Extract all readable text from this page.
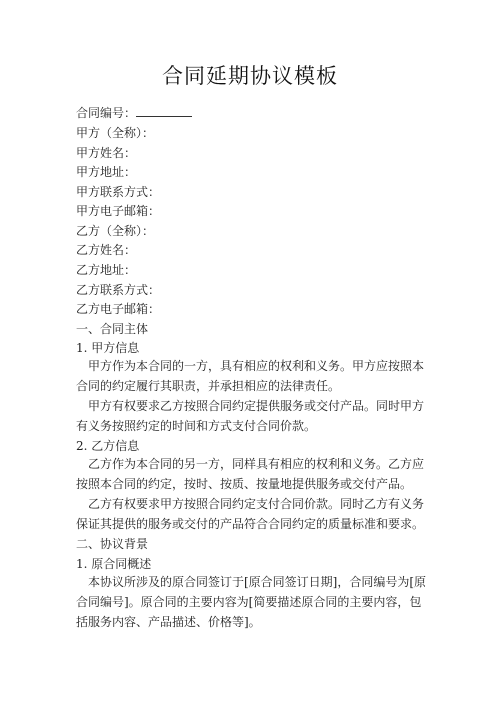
合同延期协议模板
合同编号：
甲方（全称）：
甲方姓名：
甲方地址：
甲方联系方式：
甲方电子邮箱：
乙方（全称）：
乙方姓名：
乙方地址：
乙方联系方式：
乙方电子邮箱：
一、合同主体
1. 甲方信息
甲方作为本合同的一方，具有相应的权利和义务。甲方应按照本合同的约定履行其职责，并承担相应的法律责任。
甲方有权要求乙方按照合同约定提供服务或交付产品。同时甲方有义务按照约定的时间和方式支付合同价款。
2. 乙方信息
乙方作为本合同的另一方，同样具有相应的权利和义务。乙方应按照本合同的约定，按时、按质、按量地提供服务或交付产品。
乙方有权要求甲方按照合同约定支付合同价款。同时乙方有义务保证其提供的服务或交付的产品符合合同约定的质量标准和要求。
二、协议背景
1. 原合同概述
本协议所涉及的原合同签订于[原合同签订日期]，合同编号为[原合同编号]。原合同的主要内容为[简要描述原合同的主要内容，包括服务内容、产品描述、价格等]。
